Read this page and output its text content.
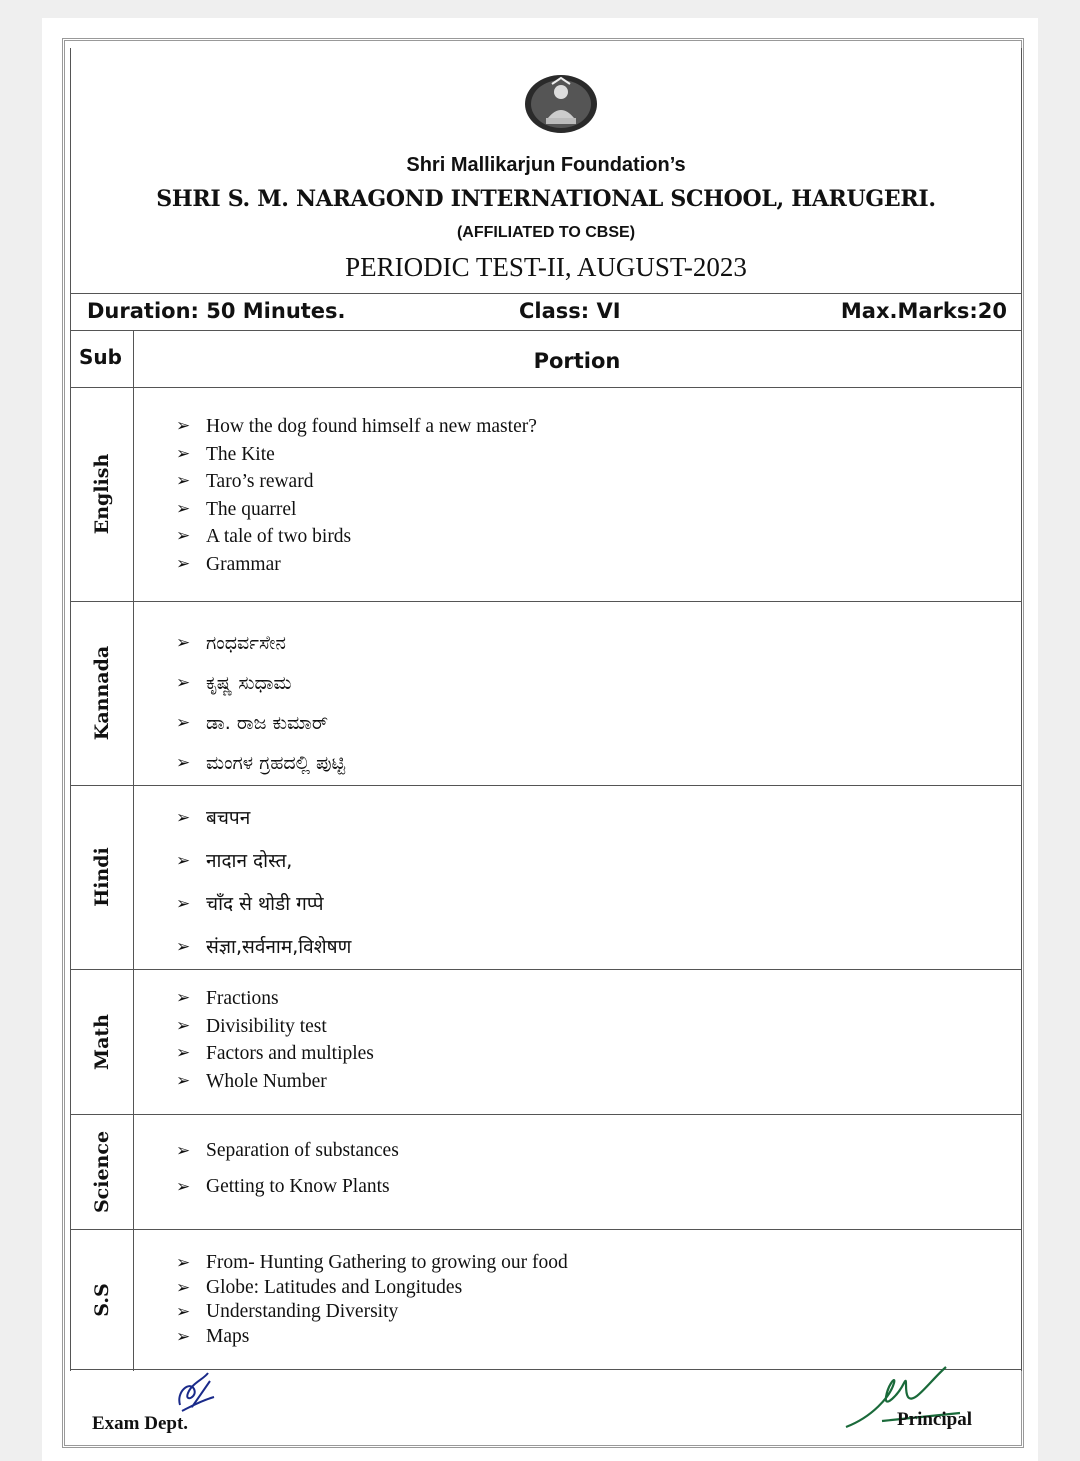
Shri Mallikarjun Foundation’s
SHRI S. M. NARAGOND INTERNATIONAL SCHOOL, HARUGERI.
(AFFILIATED TO CBSE)
PERIODIC TEST-II, AUGUST-2023
Duration: 50 Minutes.	Class: VI	Max.Marks:20
Sub	Portion
English
➢ How the dog found himself a new master?
➢ The Kite
➢ Taro’s reward
➢ The quarrel
➢ A tale of two birds
➢ Grammar
Kannada
➢ ಗಂಧರ್ವಸೇನ
➢ ಕೃಷ್ಣ ಸುಧಾಮ
➢ ಡಾ. ರಾಜ ಕುಮಾರ್
➢ ಮಂಗಳ ಗ್ರಹದಲ್ಲಿ ಪುಟ್ಟಿ
Hindi
➢ बचपन
➢ नादान दोस्त,
➢ चाँद से थोडी गप्पे
➢ संज्ञा,सर्वनाम,विशेषण
Math
➢ Fractions
➢ Divisibility test
➢ Factors and multiples
➢ Whole Number
Science
➢	Separation of substances
➢ Getting to Know Plants
S.S
➢ From- Hunting Gathering to growing our food
➢ Globe: Latitudes and Longitudes
➢ Understanding Diversity
➢ Maps
Exam Dept.	Principal
